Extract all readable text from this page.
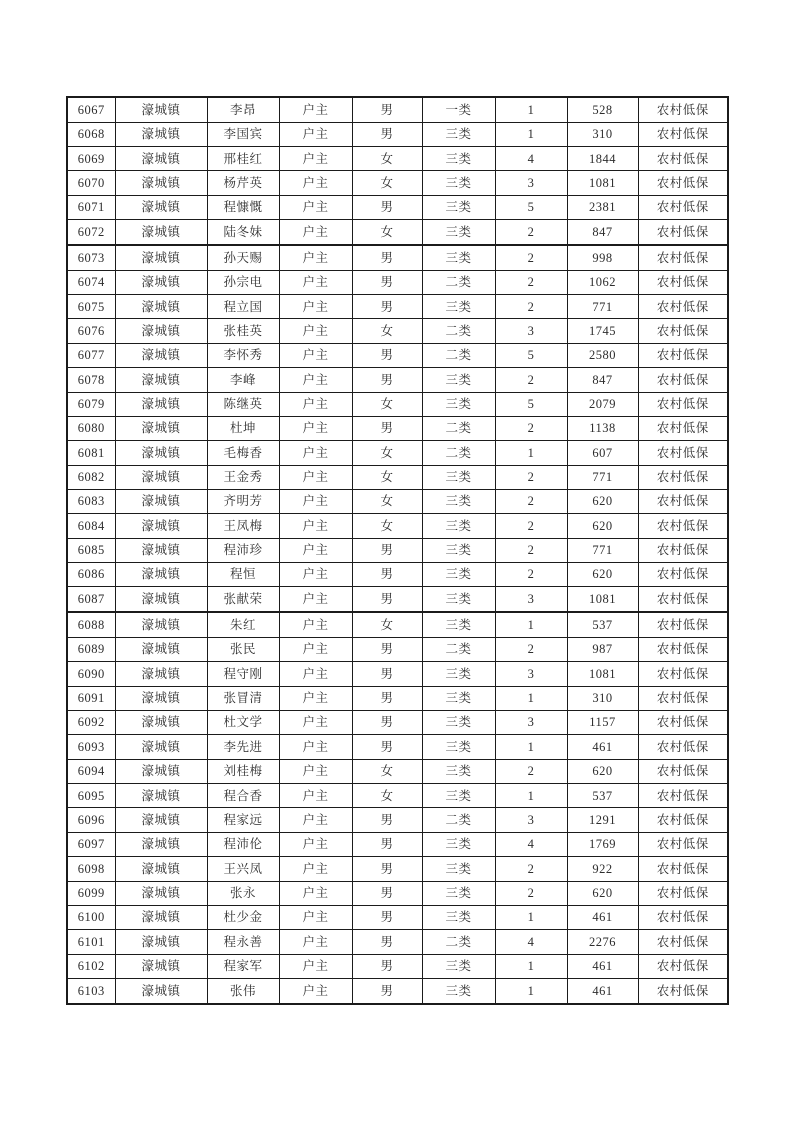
6067	濠城镇	李昂	户主	男	一类	1	528	农村低保
6068	濠城镇	李国宾	户主	男	三类	1	310	农村低保
6069	濠城镇	邢桂红	户主	女	三类	4	1844	农村低保
6070	濠城镇	杨芹英	户主	女	三类	3	1081	农村低保
6071	濠城镇	程慷慨	户主	男	三类	5	2381	农村低保
6072	濠城镇	陆冬妹	户主	女	三类	2	847	农村低保
6073	濠城镇	孙天赐	户主	男	三类	2	998	农村低保
6074	濠城镇	孙宗电	户主	男	二类	2	1062	农村低保
6075	濠城镇	程立国	户主	男	三类	2	771	农村低保
6076	濠城镇	张桂英	户主	女	二类	3	1745	农村低保
6077	濠城镇	李怀秀	户主	男	二类	5	2580	农村低保
6078	濠城镇	李峰	户主	男	三类	2	847	农村低保
6079	濠城镇	陈继英	户主	女	三类	5	2079	农村低保
6080	濠城镇	杜坤	户主	男	二类	2	1138	农村低保
6081	濠城镇	毛梅香	户主	女	二类	1	607	农村低保
6082	濠城镇	王金秀	户主	女	三类	2	771	农村低保
6083	濠城镇	齐明芳	户主	女	三类	2	620	农村低保
6084	濠城镇	王凤梅	户主	女	三类	2	620	农村低保
6085	濠城镇	程沛珍	户主	男	三类	2	771	农村低保
6086	濠城镇	程恒	户主	男	三类	2	620	农村低保
6087	濠城镇	张献荣	户主	男	三类	3	1081	农村低保
6088	濠城镇	朱红	户主	女	三类	1	537	农村低保
6089	濠城镇	张民	户主	男	二类	2	987	农村低保
6090	濠城镇	程守刚	户主	男	三类	3	1081	农村低保
6091	濠城镇	张冒清	户主	男	三类	1	310	农村低保
6092	濠城镇	杜文学	户主	男	三类	3	1157	农村低保
6093	濠城镇	李先进	户主	男	三类	1	461	农村低保
6094	濠城镇	刘桂梅	户主	女	三类	2	620	农村低保
6095	濠城镇	程合香	户主	女	三类	1	537	农村低保
6096	濠城镇	程家远	户主	男	二类	3	1291	农村低保
6097	濠城镇	程沛伦	户主	男	三类	4	1769	农村低保
6098	濠城镇	王兴凤	户主	男	三类	2	922	农村低保
6099	濠城镇	张永	户主	男	三类	2	620	农村低保
6100	濠城镇	杜少金	户主	男	三类	1	461	农村低保
6101	濠城镇	程永善	户主	男	二类	4	2276	农村低保
6102	濠城镇	程家军	户主	男	三类	1	461	农村低保
6103	濠城镇	张伟	户主	男	三类	1	461	农村低保
